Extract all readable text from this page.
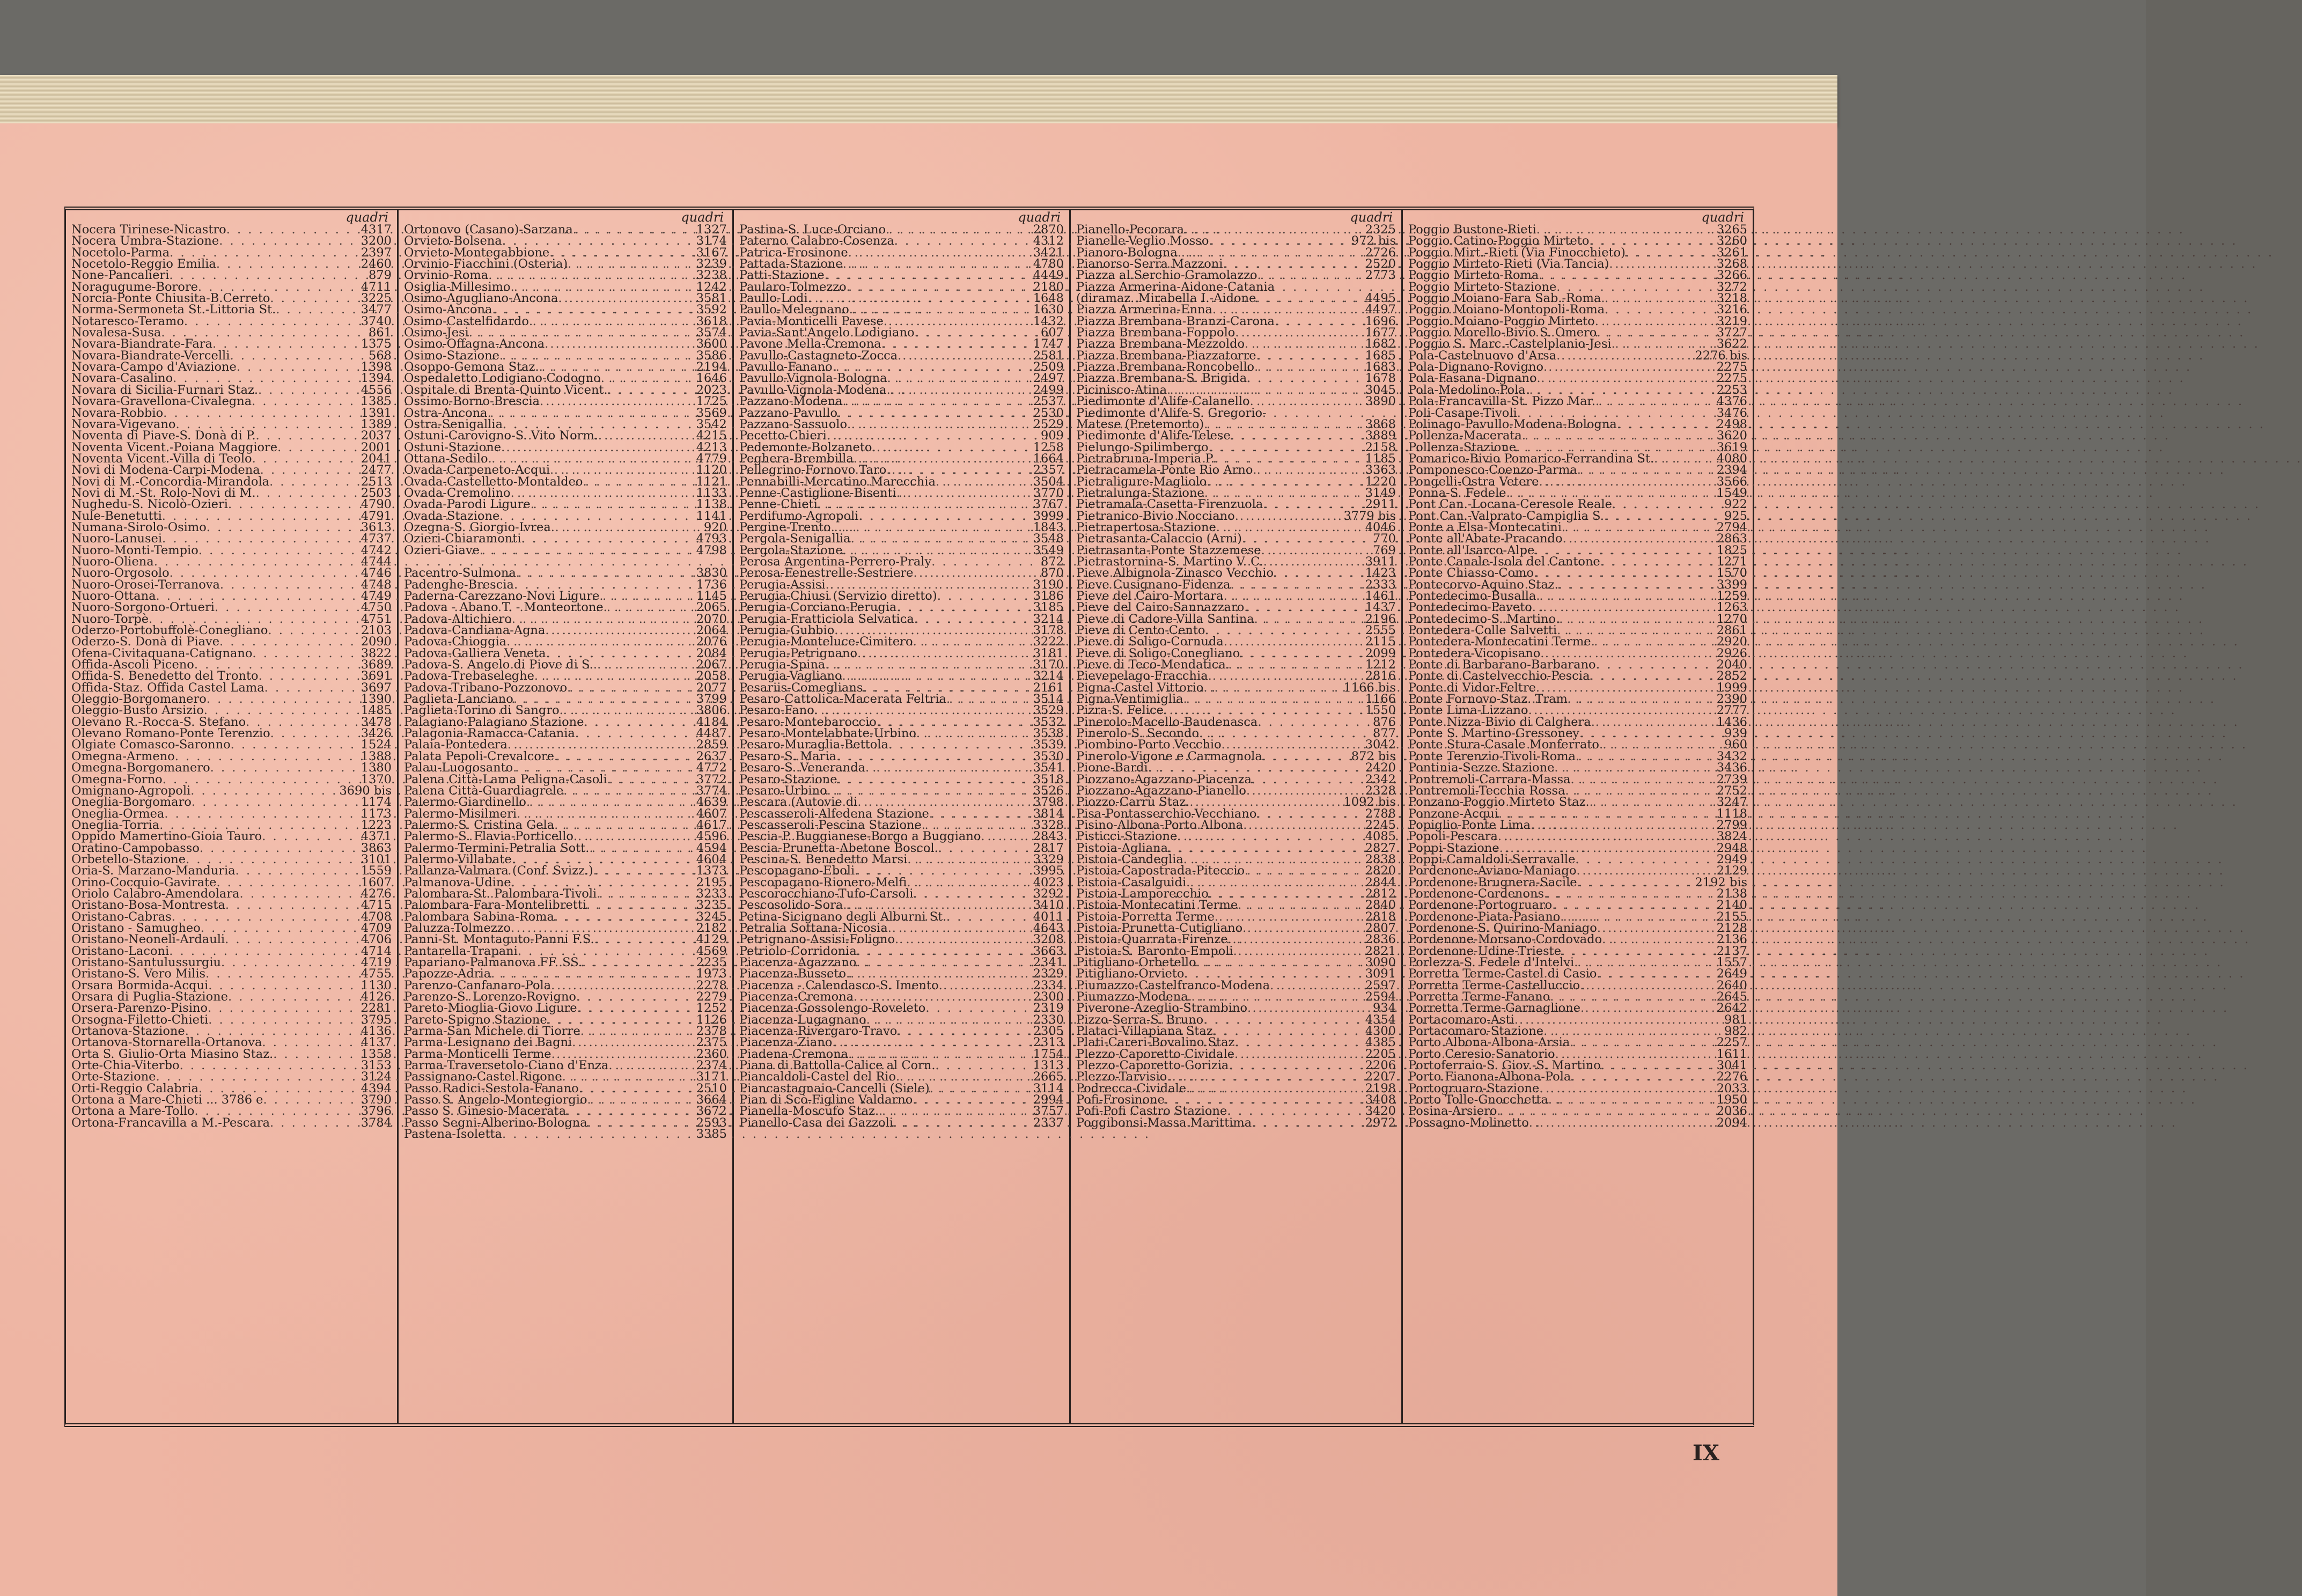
quadri
Nocera Tirinese-Nicastro . . .	4317
Nocera Umbra-Stazione . . .	3200
Nocetolo-Parma . . .	2397
Nocetolo-Reggio Emilia . . .	2460
None-Pancalieri . . .	879
Noragugume-Borore . . .	4711
Norcia-Ponte Chiusita-B.Cerreto . . .	3225
Norma-Sermoneta St.-Littoria St. . . .	3477
Notaresco-Teramo . . .	3740
Novalesa-Susa . . .	861
Novara-Biandrate-Fara . . .	1375
Novara-Biandrate-Vercelli . . .	568
Novara-Campo d'Aviazione . . .	1398
Novara-Casalino . . .	1394
Novara di Sicilia-Furnari Staz. . . .	4556
Novara-Gravellona-Civalegna . . .	1385
Novara-Robbio . . .	1391
Novara-Vigevano . . .	1389
Noventa di Piave-S. Donà di P. . . .	2037
Noventa Vicent.-Poiana Maggiore . . .	2001
Noventa Vicent.-Villa di Teolo . . .	2041
Novi di Modena-Carpi-Modena . . .	2477
Novi di M.-Concordia-Mirandola . . .	2513
Novi di M.-St. Rolo-Novi di M. . . .	2503
Nughedu-S. Nicolò-Ozieri . . .	4790
Nule-Benetutti . . .	4791
Numana-Sirolo-Osimo . . .	3613
Nuoro-Lanusei . . .	4737
Nuoro-Monti-Tempio . . .	4742
Nuoro-Oliena . . .	4744
Nuoro-Orgosolo . . .	4746
Nuoro-Orosei-Terranova . . .	4748
Nuoro-Ottana . . .	4749
Nuoro-Sorgono-Ortueri . . .	4750
Nuoro-Torpè . . .	4751
Oderzo-Portobuffolè-Conegliano . . .	2103
Oderzo-S. Donà di Piave . . .	2090
Ofena-Civitaquana-Catignano . . .	3822
Offida-Ascoli Piceno . . .	3689
Offida-S. Benedetto del Tronto . . .	3691
Offida-Staz. Offida Castel Lama . . .	3697
Oleggio-Borgomanero . . .	1390
Oleggio-Busto Arsizio . . .	1485
Olevano R.-Rocca-S. Stefano . . .	3478
Olevano Romano-Ponte Terenzio . . .	3426
Olgiate Comasco-Saronno . . .	1524
Omegna-Armeno . . .	1388
Omegna-Borgomanero . . .	1380
Omegna-Forno . . .	1370
Omignano-Agropoli . . .	3690 bis
Oneglia-Borgomaro . . .	1174
Oneglia-Ormea . . .	1173
Oneglia-Torria . . .	1223
Oppido Mamertino-Gioia Tauro . . .	4371
Oratino-Campobasso . . .	3863
Orbetello-Stazione . . .	3101
Oria-S. Marzano-Manduria . . .	1559
Orino-Cocquio-Gavirate . . .	1607
Oriolo Calabro-Amendolara . . .	4276
Oristano-Bosa-Montresta . . .	4715
Oristano-Cabras . . .	4708
Oristano - Samugheo . . .	4709
Oristano-Neoneli-Ardauli . . .	4706
Oristano-Laconi . . .	4714
Oristano-Santulussurgiu . . .	4719
Oristano-S. Vero Milis . . .	4755
Orsara Bormida-Acqui . . .	1130
Orsara di Puglia-Stazione . . .	4126
Orsera-Parenzo-Pisino . . .	2281
Orsogna-Filetto-Chieti . . .	3795
Ortanova-Stazione . . .	4136
Ortanova-Stornarella-Ortanova . . .	4137
Orta S. Giulio-Orta Miasino Staz. . . .	1358
Orte-Chia-Viterbo . . .	3153
Orte-Stazione . . .	3124
Orti-Reggio Calabria . . .	4394
Ortona a Mare-Chieti ... 3786 e . . .	3790
Ortona a Mare-Tollo . . .	3796
Ortona-Francavilla a M.-Pescara . . .	3784
quadri
Ortonovo (Casano)-Sarzana . . .	1327
Orvieto-Bolsena . . .	3174
Orvieto-Montegabbione . . .	3167
Orvinio-Fiacchini (Osteria) . . .	3239
Orvinio-Roma . . .	3238
Osiglia-Millesimo . . .	1242
Osimo-Aguglianо-Ancona . . .	3581
Osimo-Ancona . . .	3592
Osimo-Castelfidardo . . .	3618
Osimo-Jesi . . .	3574
Osimo-Offagna-Ancona . . .	3600
Osimo-Stazione . . .	3586
Osoppo-Gemona Staz. . . .	2194
Ospedaletto Lodigiano-Codogno . . .	1646
Ospitale di Brenta-Quinto Vicent. . . .	2023
Ossimo-Borno-Brescia . . .	1725
Ostra-Ancona . . .	3569
Ostra-Senigallia . . .	3542
Ostuni-Carovigno-S. Vito Norm. . . .	4215
Ostuni-Stazione . . .	4213
Ottana-Sedilo . . .	4779
Ovada-Carpeneto-Acqui . . .	1120
Ovada-Castelletto-Montaldeo . . .	1121
Ovada-Cremolino . . .	1133
Ovada-Parodi Ligure . . .	1138
Ovada-Stazione . . .	1141
Ozegna-S. Giorgio-Ivrea . . .	920
Ozieri-Chiaramonti . . .	4793
Ozieri-Giave . . .	4798
Pacentro-Sulmona . . .	3830
Padenghe-Brescia . . .	1736
Paderna-Carezzano-Novi Ligure . . .	1145
Padova - Abano T. - Monteortone . . .	2065
Padova-Altichiero . . .	2070
Padova-Candiana-Agna . . .	2064
Padova-Chioggia . . .	2076
Padova-Galliera Veneta . . .	2084
Padova-S. Angelo di Piove di S. . . .	2067
Padova-Trebaseleghe . . .	2058
Padova-Tribano-Pozzonovo . . .	2077
Paglieta-Lanciano . . .	3799
Paglieta-Torino di Sangro . . .	3806
Palagiano-Palagiano Stazione . . .	4184
Palagonia-Ramacca-Catania . . .	4487
Palaia-Pontedera . . .	2859
Palata Pepoli-Crevalcore . . .	2637
Palau-Luogosanto . . .	4772
Palena Città-Lama Peligna-Casoli . . .	3772
Palena Città-Guardiagrele . . .	3774
Palermo-Giardinello . . .	4639
Palermo-Misilmeri . . .	4607
Palermo-S. Cristina Gela . . .	4617
Palermo-S. Flavia-Porticello . . .	4596
Palermo-Termini-Petralia Sott. . . .	4594
Palermo-Villabate . . .	4604
Pallanza-Valmara (Conf. Svizz.) . . .	1373
Palmanova-Udine . . .	2195
Palombara-St. Palombara-Tivoli . . .	3233
Palombara-Fara-Montelibretti . . .	3235
Palombara Sabina-Roma . . .	3245
Paluzza-Tolmezzo . . .	2182
Panni-St. Montaguto-Panni F.S. . . .	4129
Pantarella-Trapani . . .	4569
Papariano-Palmanova FF. SS. . . .	2235
Papozze-Adria . . .	1973
Parenzo-Canfanaro-Pola . . .	2278
Parenzo-S. Lorenzo-Rovigno . . .	2279
Pareto-Mioglia-Giovo Ligure . . .	1252
Pareto-Spigno Stazione . . .	1126
Parma-San Michele di Tiorre . . .	2378
Parma-Lesignano dei Bagni . . .	2375
Parma-Monticelli Terme . . .	2360
Parma-Traversetolo-Ciano d'Enza . . .	2374
Passignano-Castel Rigone . . .	3171
Passo Radici-Sestola-Fanano . . .	2510
Passo S. Angelo-Montegiorgio . . .	3664
Passo S. Ginesio-Macerata . . .	3672
Passo Segni-Alberino-Bologna . . .	2593
Pastena-Isoletta . . .	3385
quadri
Pastina-S. Luce-Orciano . . .	2870
Paterno Calabro-Cosenza . . .	4312
Patrica-Frosinone . . .	3421
Pattada-Stazione . . .	4780
Patti-Stazione . . .	4449
Paularo-Tolmezzo . . .	2180
Paullo-Lodi . . .	1648
Paullo-Melegnano . . .	1630
Pavia-Monticelli Pavese . . .	1432
Pavia-Sant'Angelo Lodigiano . . .	607
Pavone Mella-Cremona . . .	1747
Pavullo-Castagneto-Zocca . . .	2581
Pavullo-Fanano . . .	2509
Pavullo-Vignola-Bologna . . .	2497
Pavullo-Vignola-Modena . . .	2499
Pazzano-Modena . . .	2537
Pazzano-Pavullo . . .	2530
Pazzano-Sassuolo . . .	2529
Pecetto-Chieri . . .	909
Pedemonte-Bolzaneto . . .	1258
Peghera-Brembilla . . .	1664
Pellegrino-Fornovo Taro . . .	2357
Pennabilli-Mercatino Marecchia . . .	3504
Penne-Castiglione-Bisenti . . .	3770
Penne-Chieti . . .	3767
Perdifumo-Agropoli . . .	3999
Pergine-Trento . . .	1843
Pergola-Senigallia . . .	3548
Pergola-Stazione . . .	3549
Perosa Argentina-Perrero-Praly . . .	872
Perosa-Fenestrelle-Sestriere . . .	870
Perugia-Assisi . . .	3190
Perugia-Chiusi (Servizio diretto) . . .	3186
Perugia-Corciano-Perugia . . .	3185
Perugia-Fratticiola Selvatica . . .	3214
Perugia-Gubbio . . .	3178
Perugia-Montelucе-Cimitero . . .	3222
Perugia-Petrignano . . .	3181
Perugia-Spina . . .	3170
Perugia-Vagliano . . .	3214
Pesariis-Comeglians . . .	2161
Pesaro-Cattolica-Macerata Feltria . . .	3514
Pesaro-Fano . . .	3529
Pesaro-Montebaroccio . . .	3532
Pesaro-Montelabbate-Urbino . . .	3538
Pesaro-Muraglia-Bettola . . .	3539
Pesaro-S. Maria . . .	3530
Pesaro-S. Veneranda . . .	3541
Pesaro-Stazione . . .	3518
Pesaro-Urbino . . .	3526
Pescara (Autovie di . . .	3798
Pescasseroli-Alfedena Stazione . . .	3814
Pescasseroli-Pescina Stazione . . .	3328
Pescia-P. Buggianese-Borgo a Buggiano . . .	2843
Pescia-Prunetta-Abetone Boscol. . . .	2817
Pescina-S. Benedetto Marsi . . .	3329
Pescopagano-Eboli . . .	3995
Pescopagano-Rionero-Melfi . . .	4023
Pescorocchiano-Tufo-Carsoli . . .	3292
Pescosolido-Sora . . .	3410
Petina-Sicignano degli Alburni St. . . .	4011
Petralia Sottana-Nicosia . . .	4643
Petrignano-Assisi-Foligno . . .	3208
Petriolo-Corridonia . . .	3663
Piacenza-Agazzano . . .	2341
Piacenza-Busseto . . .	2329
Piacenza - Calendasco-S. Imento . . .	2334
Piacenza-Cremona . . .	2300
Piacenza-Gossolengo-Roveleto . . .	2319
Piacenza-Lugagnano . . .	2330
Piacenza-Rivergaro-Travo . . .	2305
Piacenza-Ziano . . .	2313
Piadena-Cremona . . .	1754
Piana di Battolla-Calice al Corn. . . .	1313
Piancaldoli-Castel del Rio . . .	2665
Piancastagnaio-Cancelli (Siele) . . .	3114
Pian di Scò-Figline Valdarno . . .	2994
Pianella-Moscufo Staz. . . .	3757
Pianello-Casa dei Gazzoli . . .	2337
quadri
Pianello-Pecorara . . .	2325
Pianelle-Veglio Mosso . . .	972 bis
Pianoro-Bologna . . .	2726
Pianorso-Serra Mazzoni . . .	2520
Piazza al Serchio-Gramolazzo . . .	2773
Piazza Armerina-Aidone-Catania
(diramaz. Mirabella I.-Aidone . . .	4495
Piazza Armerina-Enna . . .	4497
Piazza Brembana-Branzi-Carona . . .	1696
Piazza Brembana-Foppolo . . .	1677
Piazza Brembana-Mezzoldo . . .	1682
Piazza Brembana-Piazzatorre . . .	1685
Piazza Brembana-Roncobello . . .	1683
Piazza Brembana-S. Brigida . . .	1678
Picinisco-Atina . . .	3045
Piedimonte d'Alife-Calanello . . .	3890
Piedimonte d'Alife-S. Gregorio-
Matese (Pretemorto) . . .	3868
Piedimonte d'Alife-Telese . . .	3889
Pielungo-Spilimbergo . . .	2158
Pietrabruna-Imperia P. . . .	1185
Pietracamela-Ponte Rio Arno . . .	3363
Pietraligure-Magliolo . . .	1220
Pietralunga-Stazione . . .	3149
Pietramala-Casetta-Firenzuola . . .	2911
Pietranico-Bivio Nocciano . . .	3779 bis
Pietrapertosa-Stazione . . .	4046
Pietrasanta-Calaccio (Arni) . . .	770
Pietrasanta-Ponte Stazzemese . . .	769
Pietrastornina-S. Martino V. C. . . .	3911
Pieve Albignola-Zinasco Vecchio . . .	1423
Pieve Cusignano-Fidenza . . .	2333
Pieve del Cairo-Mortara . . .	1461
Pieve del Cairo-Sannazzaro . . .	1437
Pieve di Cadore-Villa Santina . . .	2196
Pieve di Cento-Cento . . .	2555
Pieve di Soligo-Cornuda . . .	2115
Pieve di Soligo-Conegliano . . .	2099
Pieve di Teco-Mendatica . . .	1212
Pievepelago-Fracchia . . .	2816
Pigna-Castel Vittorio . . .	1166 bis
Pigna-Ventimiglia . . .	1166
Pizra-S. Felice . . .	1550
Pinerolo-Macello-Baudenasca . . .	876
Pinerolo-S. Secondo . . .	877
Piombino-Porto Vecchio . . .	3042
Pinerolo-Vigone e Carmagnola . . .	872 bis
Pione-Bardi . . .	2420
Piozzano-Agazzano-Piacenza . . .	2342
Piozzano-Agazzano-Pianello . . .	2328
Piozzo-Carrù Staz. . . .	1092 bis
Pisa-Pontasserchio-Vecchiano . . .	2788
Pisino-Albona-Porto Albona . . .	2245
Pisticci-Stazione . . .	4085
Pistoia-Agliana . . .	2827
Pistoia-Candeglia . . .	2838
Pistoia-Capostrada-Piteccio . . .	2820
Pistoia-Casalguidi . . .	2844
Pistoia-Lamporecchio . . .	2812
Pistoia-Montecatini Terme . . .	2840
Pistoia-Porretta Terme . . .	2818
Pistoia-Prunetta-Cutigliano . . .	2807
Pistoia-Quarrata-Firenze . . .	2836
Pistoia-S. Baronto-Empoli . . .	2821
Pitigliano-Orbetello . . .	3090
Pitigliano-Orvieto . . .	3091
Piumazzo-Castelfranco-Modena . . .	2597
Piumazzo-Modena . . .	2594
Piverone-Azeglio-Strambino . . .	934
Pizzo-Serra-S. Bruno . . .	4354
Platacì-Villapiana Staz . . .	4300
Plati-Careri-Bovalino Staz . . .	4385
Plezzo-Caporetto-Cividale . . .	2205
Plezzo-Caporetto-Gorizia . . .	2206
Plezzo-Tarvisio . . .	2207
Podrecca-Cividale . . .	2198
Pofi-Frosinone . . .	3408
Pofi-Pofi Castro Stazione . . .	3420
Poggibonsi-Massa Marittima . . .	2972
quadri
Poggio Bustone-Rieti . . .	3265
Poggio Catino-Poggio Mirteto . . .	3260
Poggio Mirt.-Rieti (Via Finocchieto) . . .	3261
Poggio Mirteto-Rieti (Via Tancia) . . .	3268
Poggio Mirteto-Roma . . .	3266
Poggio Mirteto-Stazione . . .	3272
Poggio Moiano-Fara Sab.-Roma . . .	3218
Poggio Moiano-Montopoli-Roma . . .	3216
Poggio Moiano-Poggio Mirteto . . .	3219
Poggio Morello-Bivio S. Omero . . .	3727
Poggio S. Marc.-Castelplanio-Jesi . . .	3622
Pola-Castelnuovo d'Arsa . . .	2276 bis
Pola-Dignano-Rovigno . . .	2275
Pola-Fasana-Dignano . . .	2275
Pola-Medolino-Pola . . .	2253
Pola-Francavilla-St. Pizzo Mar. . . .	4376
Poli-Casape-Tivoli . . .	3476
Polinago-Pavullo-Modena-Bologna . . .	2498
Pollenza-Macerata . . .	3620
Pollenza-Stazione . . .	3619
Pomarico-Bivio Pomarico-Ferrandina St. . . .	4080
Pomponesco-Coenzo-Parma . . .	2394
Pongelli-Ostra Vetere . . .	3566
Ponna-S. Fedele . . .	1549
Pont Can.-Locana-Ceresole Reale . . .	922
Pont Can.-Valprato-Campiglia S. . . .	925
Ponte a Elsa-Montecatini . . .	2794
Ponte all'Abate-Pracando . . .	2863
Ponte all'Isarco-Alpe . . .	1825
Ponte Canale-Isola del Cantone . . .	1271
Ponte Chiasso-Como . . .	1570
Pontecorvo-Aquino Staz. . . .	3399
Pontedecimo-Busalla . . .	1259
Pontedecimo-Paveto . . .	1263
Pontedecimo-S. Martino . . .	1270
Pontedera-Colle Salvetti . . .	2861
Pontedera-Montecatini Terme . . .	2920
Pontedera-Vicopisano . . .	2926
Ponte di Barbarano-Barbarano . . .	2040
Ponte di Castelvecchio-Pescia . . .	2852
Ponte di Vidor-Feltre . . .	1999
Ponte Fornovo-Staz. Tram . . .	2390
Ponte Lima-Lizzano . . .	2777
Ponte Nizza-Bivio di Calghera . . .	1436
Ponte S. Martino-Gressoney . . .	939
Ponte Stura-Casale Monferrato . . .	960
Ponte Terenzio-Tivoli-Roma . . .	3432
Pontinia-Sezze Stazione . . .	3436
Pontremoli-Carrara-Massa . . .	2739
Pontremoli-Tecchia Rossa . . .	2752
Ponzano-Poggio Mirteto Staz. . . .	3247
Ponzone-Acqui . . .	1118
Popiglio-Ponte Lima . . .	2799
Popoli-Pescara . . .	3824
Poppi-Stazione . . .	2948
Poppi-Camaldoli-Serravalle . . .	2949
Pordenone-Aviano-Maniago . . .	2129
Pordenone-Brugnera-Sacile . . .	2192 bis
Pordenone-Cordenons . . .	2138
Pordenone-Portogruaro . . .	2140
Pordenone-Piata-Pasiano . . .	2155
Pordenone-S. Quirino-Maniago . . .	2128
Pordenone-Morsano-Cordovado . . .	2136
Pordenone-Udine-Trieste . . .	2137
Porlezza-S. Fedele d'Intelvi . . .	1557
Porretta Terme-Castel di Casio . . .	2649
Porretta Terme-Castelluccio . . .	2640
Porretta Terme-Fanano . . .	2645
Porretta Terme-Garnaglione . . .	2642
Portacomaro-Asti . . .	981
Portacomaro-Stazione . . .	982
Porto Albona-Albona-Arsia . . .	2257
Porto Ceresio-Sanatorio . . .	1611
Portoferraio-S. Giov.-S. Martino . . .	3041
Porto Fianona-Albona-Pola . . .	2276
Portogruaro-Stazione . . .	2033
Porto Tolle-Gnocchetta . . .	1950
Posina-Arsiero . . .	2036
Possagno-Molinetto . . .	2094
IX
